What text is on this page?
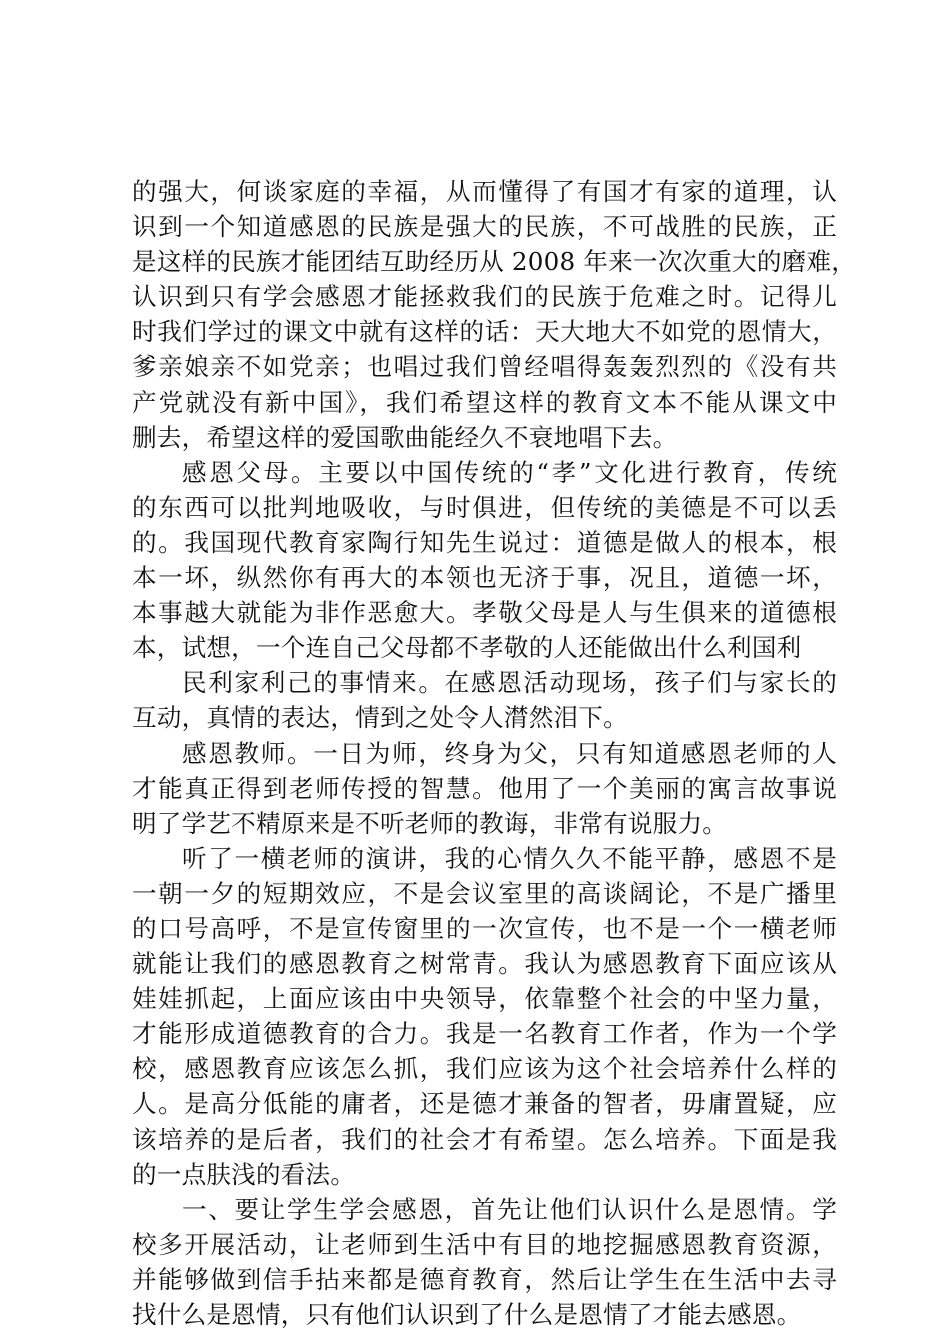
的强大，何谈家庭的幸福，从而懂得了有国才有家的道理，认
识到一个知道感恩的民族是强大的民族，不可战胜的民族，正
是这样的民族才能团结互助经历从 2008 年来一次次重大的磨难，
认识到只有学会感恩才能拯救我们的民族于危难之时。记得儿
时我们学过的课文中就有这样的话：天大地大不如党的恩情大，
爹亲娘亲不如党亲；也唱过我们曾经唱得轰轰烈烈的《没有共
产党就没有新中国》，我们希望这样的教育文本不能从课文中
删去，希望这样的爱国歌曲能经久不衰地唱下去。
感恩父母。主要以中国传统的“孝”文化进行教育，传统
的东西可以批判地吸收，与时俱进，但传统的美德是不可以丢
的。我国现代教育家陶行知先生说过：道德是做人的根本，根
本一坏，纵然你有再大的本领也无济于事，况且，道德一坏，
本事越大就能为非作恶愈大。孝敬父母是人与生俱来的道德根
本，试想，一个连自己父母都不孝敬的人还能做出什么利国利
民利家利己的事情来。在感恩活动现场，孩子们与家长的
互动，真情的表达，情到之处令人潸然泪下。
感恩教师。一日为师，终身为父，只有知道感恩老师的人
才能真正得到老师传授的智慧。他用了一个美丽的寓言故事说
明了学艺不精原来是不听老师的教诲，非常有说服力。
听了一横老师的演讲，我的心情久久不能平静，感恩不是
一朝一夕的短期效应，不是会议室里的高谈阔论，不是广播里
的口号高呼，不是宣传窗里的一次宣传，也不是一个一横老师
就能让我们的感恩教育之树常青。我认为感恩教育下面应该从
娃娃抓起，上面应该由中央领导，依靠整个社会的中坚力量，
才能形成道德教育的合力。我是一名教育工作者，作为一个学
校，感恩教育应该怎么抓，我们应该为这个社会培养什么样的
人。是高分低能的庸者，还是德才兼备的智者，毋庸置疑，应
该培养的是后者，我们的社会才有希望。怎么培养。下面是我
的一点肤浅的看法。
一、要让学生学会感恩，首先让他们认识什么是恩情。学
校多开展活动，让老师到生活中有目的地挖掘感恩教育资源，
并能够做到信手拈来都是德育教育，然后让学生在生活中去寻
找什么是恩情，只有他们认识到了什么是恩情了才能去感恩。
